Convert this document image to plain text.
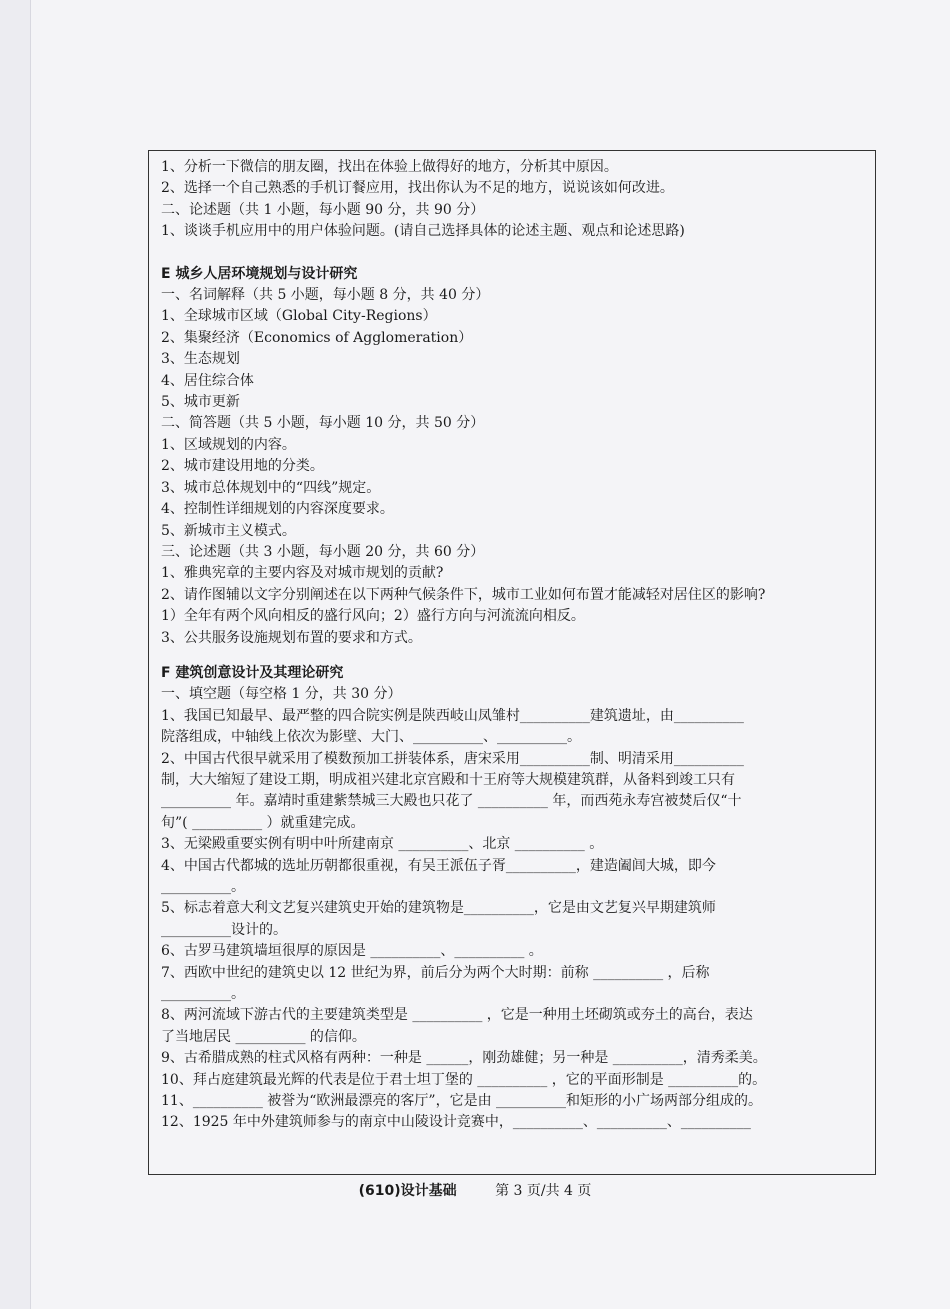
1、分析一下微信的朋友圈，找出在体验上做得好的地方，分析其中原因。
2、选择一个自己熟悉的手机订餐应用，找出你认为不足的地方，说说该如何改进。
二、论述题（共 1 小题，每小题 90 分，共 90 分）
1、谈谈手机应用中的用户体验问题。(请自己选择具体的论述主题、观点和论述思路)
E 城乡人居环境规划与设计研究
一、名词解释（共 5 小题，每小题 8 分，共 40 分）
1、全球城市区域（Global City-Regions）
2、集聚经济（Economics of Agglomeration）
3、生态规划
4、居住综合体
5、城市更新
二、简答题（共 5 小题，每小题 10 分，共 50 分）
1、区域规划的内容。
2、城市建设用地的分类。
3、城市总体规划中的“四线”规定。
4、控制性详细规划的内容深度要求。
5、新城市主义模式。
三、论述题（共 3 小题，每小题 20 分，共 60 分）
1、雅典宪章的主要内容及对城市规划的贡献?
2、请作图辅以文字分别阐述在以下两种气候条件下，城市工业如何布置才能减轻对居住区的影响?
1）全年有两个风向相反的盛行风向；2）盛行方向与河流流向相反。
3、公共服务设施规划布置的要求和方式。
F 建筑创意设计及其理论研究
一、填空题（每空格 1 分，共 30 分）
1、我国已知最早、最严整的四合院实例是陕西岐山凤雏村__________建筑遗址，由__________
院落组成，中轴线上依次为影壁、大门、__________、__________。
2、中国古代很早就采用了模数预加工拼装体系，唐宋采用__________制、明清采用__________
制，大大缩短了建设工期，明成祖兴建北京宫殿和十王府等大规模建筑群，从备料到竣工只有
__________ 年。嘉靖时重建紫禁城三大殿也只花了 __________ 年，而西苑永寿宫被焚后仅“十
旬”( __________ ）就重建完成。
3、无梁殿重要实例有明中叶所建南京 __________、北京 __________ 。
4、中国古代都城的选址历朝都很重视，有吴王派伍子胥__________，建造阖闾大城，即今
__________。
5、标志着意大利文艺复兴建筑史开始的建筑物是__________，它是由文艺复兴早期建筑师
__________设计的。
6、古罗马建筑墙垣很厚的原因是 __________、__________ 。
7、西欧中世纪的建筑史以 12 世纪为界，前后分为两个大时期：前称 __________ ，后称
__________。
8、两河流域下游古代的主要建筑类型是 __________ ，它是一种用土坯砌筑或夯土的高台，表达
了当地居民 __________ 的信仰。
9、古希腊成熟的柱式风格有两种：一种是 ______，刚劲雄健；另一种是 __________，清秀柔美。
10、拜占庭建筑最光辉的代表是位于君士坦丁堡的 __________ ，它的平面形制是 __________的。
11、__________ 被誉为“欧洲最漂亮的客厅”，它是由 __________和矩形的小广场两部分组成的。
12、1925 年中外建筑师参与的南京中山陵设计竞赛中，__________、__________、__________
(610)设计基础	第 3 页/共 4 页
